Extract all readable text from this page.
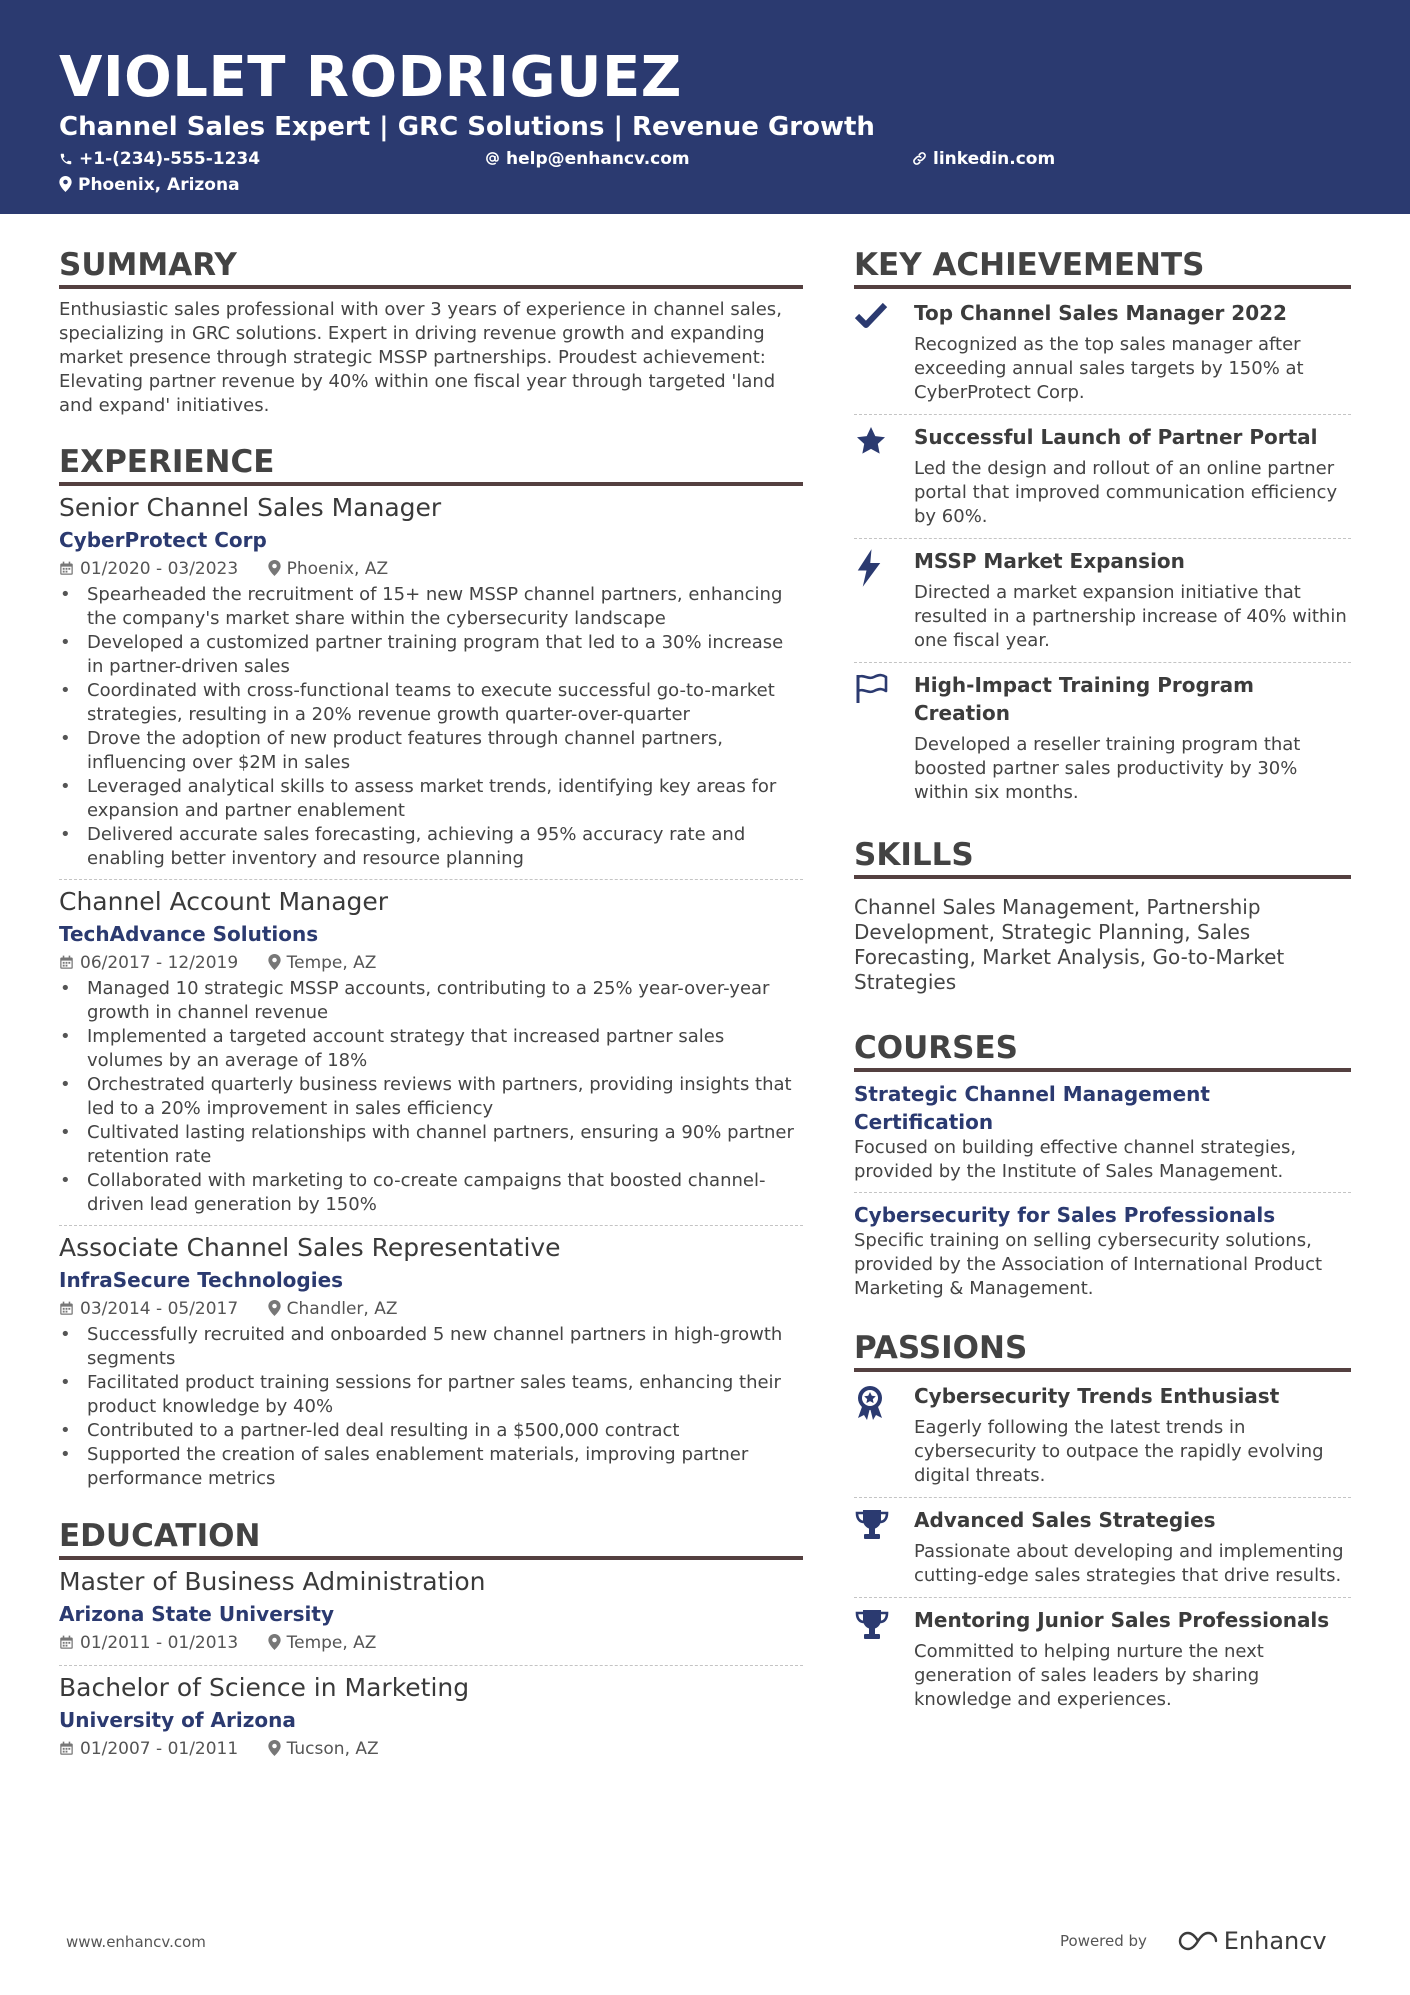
VIOLET RODRIGUEZ
Channel Sales Expert | GRC Solutions | Revenue Growth
+1-(234)-555-1234	help@enhancv.com	linkedin.com
Phoenix, Arizona
SUMMARY

Enthusiastic sales professional with over 3 years of experience in channel sales, specializing in GRC solutions. Expert in driving revenue growth and expanding market presence through strategic MSSP partnerships. Proudest achievement: Elevating partner revenue by 40% within one fiscal year through targeted 'land and expand' initiatives.

EXPERIENCE
Senior Channel Sales Manager
CyberProtect Corp
01/2020 - 03/2023	Phoenix, AZ
• Spearheaded the recruitment of 15+ new MSSP channel partners, enhancing the company's market share within the cybersecurity landscape
• Developed a customized partner training program that led to a 30% increase in partner-driven sales
• Coordinated with cross-functional teams to execute successful go-to-market strategies, resulting in a 20% revenue growth quarter-over-quarter
• Drove the adoption of new product features through channel partners, influencing over $2M in sales
• Leveraged analytical skills to assess market trends, identifying key areas for expansion and partner enablement
• Delivered accurate sales forecasting, achieving a 95% accuracy rate and enabling better inventory and resource planning
Channel Account Manager
TechAdvance Solutions
06/2017 - 12/2019	Tempe, AZ
• Managed 10 strategic MSSP accounts, contributing to a 25% year-over-year growth in channel revenue
• Implemented a targeted account strategy that increased partner sales volumes by an average of 18%
• Orchestrated quarterly business reviews with partners, providing insights that led to a 20% improvement in sales efficiency
• Cultivated lasting relationships with channel partners, ensuring a 90% partner retention rate
• Collaborated with marketing to co-create campaigns that boosted channel-driven lead generation by 150%
Associate Channel Sales Representative
InfraSecure Technologies
03/2014 - 05/2017	Chandler, AZ
• Successfully recruited and onboarded 5 new channel partners in high-growth segments
• Facilitated product training sessions for partner sales teams, enhancing their product knowledge by 40%
• Contributed to a partner-led deal resulting in a $500,000 contract
• Supported the creation of sales enablement materials, improving partner performance metrics
EDUCATION
Master of Business Administration
Arizona State University
01/2011 - 01/2013	Tempe, AZ
Bachelor of Science in Marketing
University of Arizona
01/2007 - 01/2011	Tucson, AZ
KEY ACHIEVEMENTS
Top Channel Sales Manager 2022
Recognized as the top sales manager after exceeding annual sales targets by 150% at CyberProtect Corp.
Successful Launch of Partner Portal
Led the design and rollout of an online partner portal that improved communication efficiency by 60%.
MSSP Market Expansion
Directed a market expansion initiative that resulted in a partnership increase of 40% within one fiscal year.
High-Impact Training Program Creation
Developed a reseller training program that boosted partner sales productivity by 30% within six months.
SKILLS

Channel Sales Management, Partnership Development, Strategic Planning, Sales Forecasting, Market Analysis, Go-to-Market Strategies

COURSES
Strategic Channel Management Certification
Focused on building effective channel strategies, provided by the Institute of Sales Management.
Cybersecurity for Sales Professionals
Specific training on selling cybersecurity solutions, provided by the Association of International Product Marketing & Management.
PASSIONS
Cybersecurity Trends Enthusiast
Eagerly following the latest trends in cybersecurity to outpace the rapidly evolving digital threats.
Advanced Sales Strategies
Passionate about developing and implementing cutting-edge sales strategies that drive results.
Mentoring Junior Sales Professionals
Committed to helping nurture the next generation of sales leaders by sharing knowledge and experiences.
www.enhancv.com	Powered by	Enhancv
